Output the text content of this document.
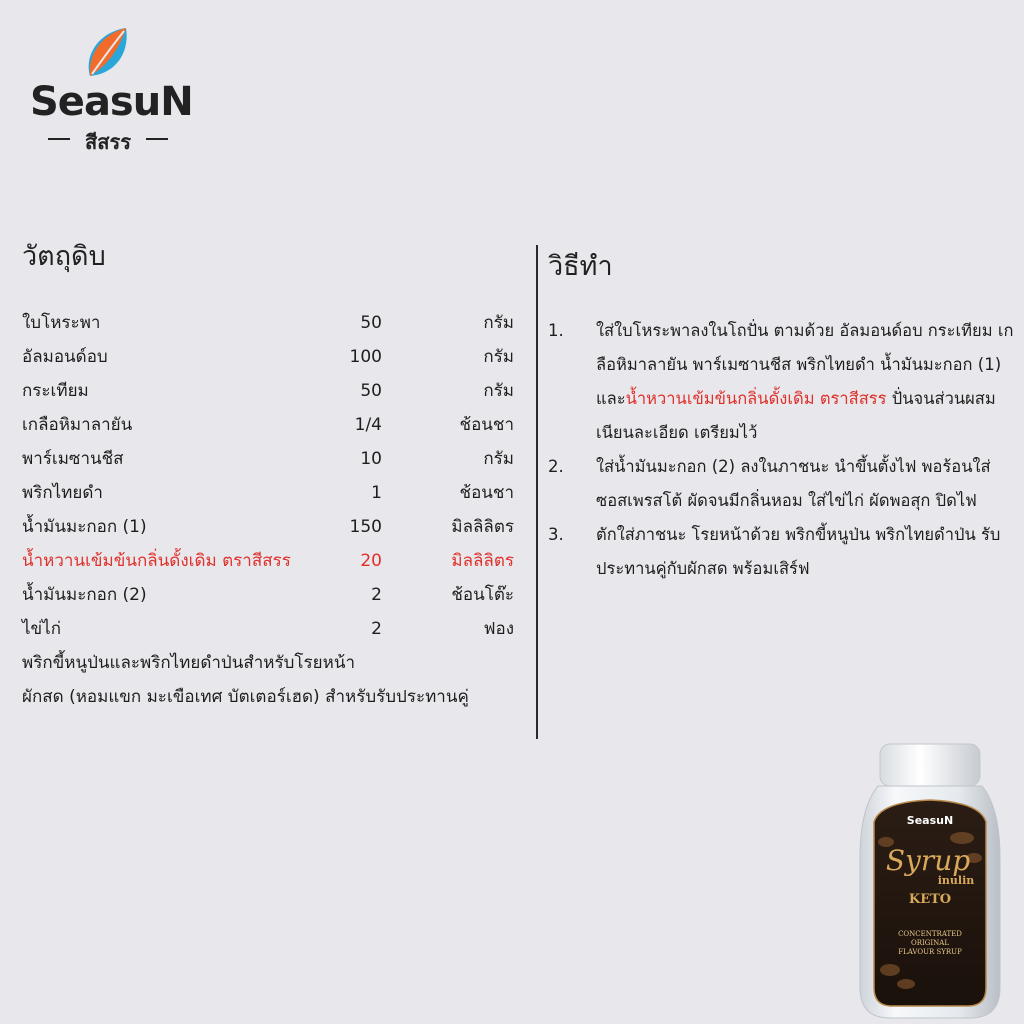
SeasuN
สีสรร
วัตถุดิบ
ใบโหระพา	50	กรัม
อัลมอนด์อบ	100	กรัม
กระเทียม	50	กรัม
เกลือหิมาลายัน	1/4	ช้อนชา
พาร์เมซานชีส	10	กรัม
พริกไทยดำ	1	ช้อนชา
น้ำมันมะกอก (1)	150	มิลลิลิตร
น้ำหวานเข้มข้นกลิ่นดั้งเดิม ตราสีสรร	20	มิลลิลิตร
น้ำมันมะกอก (2)	2	ช้อนโต๊ะ
ไข่ไก่	2	ฟอง
พริกขี้หนูป่นและพริกไทยดำป่นสำหรับโรยหน้า
ผักสด (หอมแขก มะเขือเทศ บัตเตอร์เฮด) สำหรับรับประทานคู่
วิธีทำ
1. ใส่ใบโหระพาลงในโถปั่น ตามด้วย อัลมอนด์อบ กระเทียม เกลือหิมาลายัน พาร์เมซานชีส พริกไทยดำ น้ำมันมะกอก (1) และน้ำหวานเข้มข้นกลิ่นดั้งเดิม ตราสีสรร ปั่นจนส่วนผสมเนียนละเอียด เตรียมไว้
2. ใส่น้ำมันมะกอก (2) ลงในภาชนะ นำขึ้นตั้งไฟ พอร้อนใส่ซอสเพรสโต้ ผัดจนมีกลิ่นหอม ใส่ไข่ไก่ ผัดพอสุก ปิดไฟ
3. ตักใส่ภาชนะ โรยหน้าด้วย พริกขี้หนูป่น พริกไทยดำป่น รับประทานคู่กับผักสด พร้อมเสิร์ฟ
SeasuN
Syrup
inulin
KETO
CONCENTRATED
ORIGINAL
FLAVOUR SYRUP
